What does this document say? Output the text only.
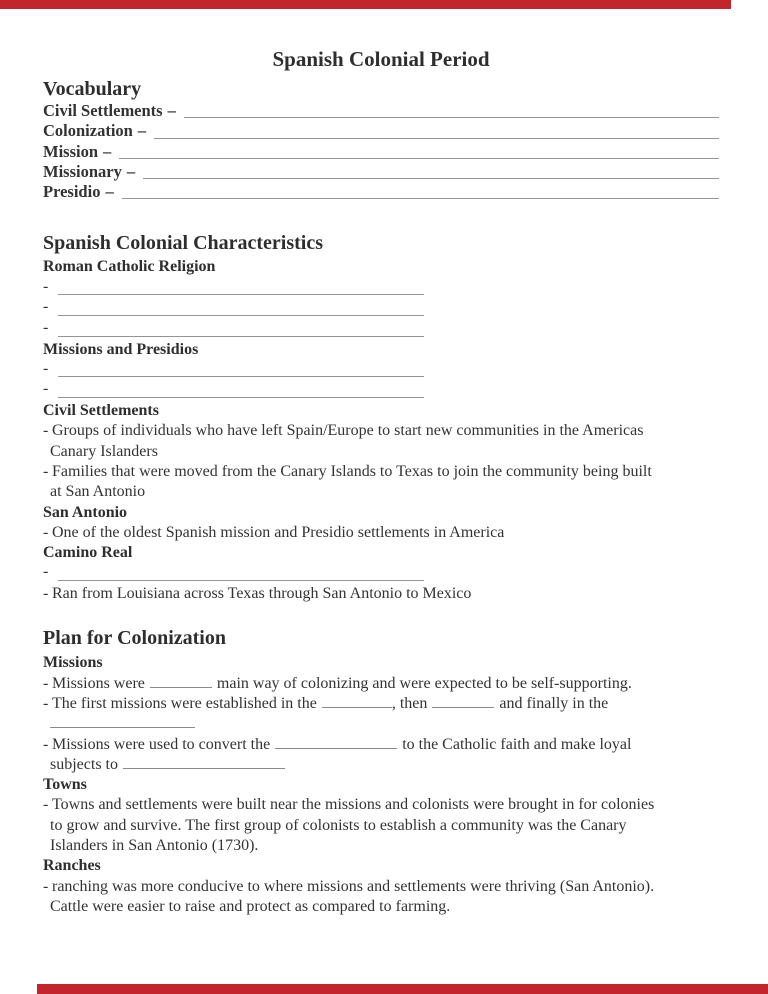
Spanish Colonial Period
Vocabulary
Civil Settlements –
Colonization –
Mission –
Missionary –
Presidio –
Spanish Colonial Characteristics
Roman Catholic Religion
-
-
-
Missions and Presidios
-
-
Civil Settlements
- Groups of individuals who have left Spain/Europe to start new communities in the Americas
Canary Islanders
- Families that were moved from the Canary Islands to Texas to join the community being built
at San Antonio
San Antonio
- One of the oldest Spanish mission and Presidio settlements in America
Camino Real
-
- Ran from Louisiana across Texas through San Antonio to Mexico
Plan for Colonization
Missions
- Missions were	main way of colonizing and were expected to be self-supporting.
- The first missions were established in the	, then	and finally in the
- Missions were used to convert the	to the Catholic faith and make loyal
subjects to
Towns
- Towns and settlements were built near the missions and colonists were brought in for colonies
to grow and survive. The first group of colonists to establish a community was the Canary
Islanders in San Antonio (1730).
Ranches
- ranching was more conducive to where missions and settlements were thriving (San Antonio).
Cattle were easier to raise and protect as compared to farming.
